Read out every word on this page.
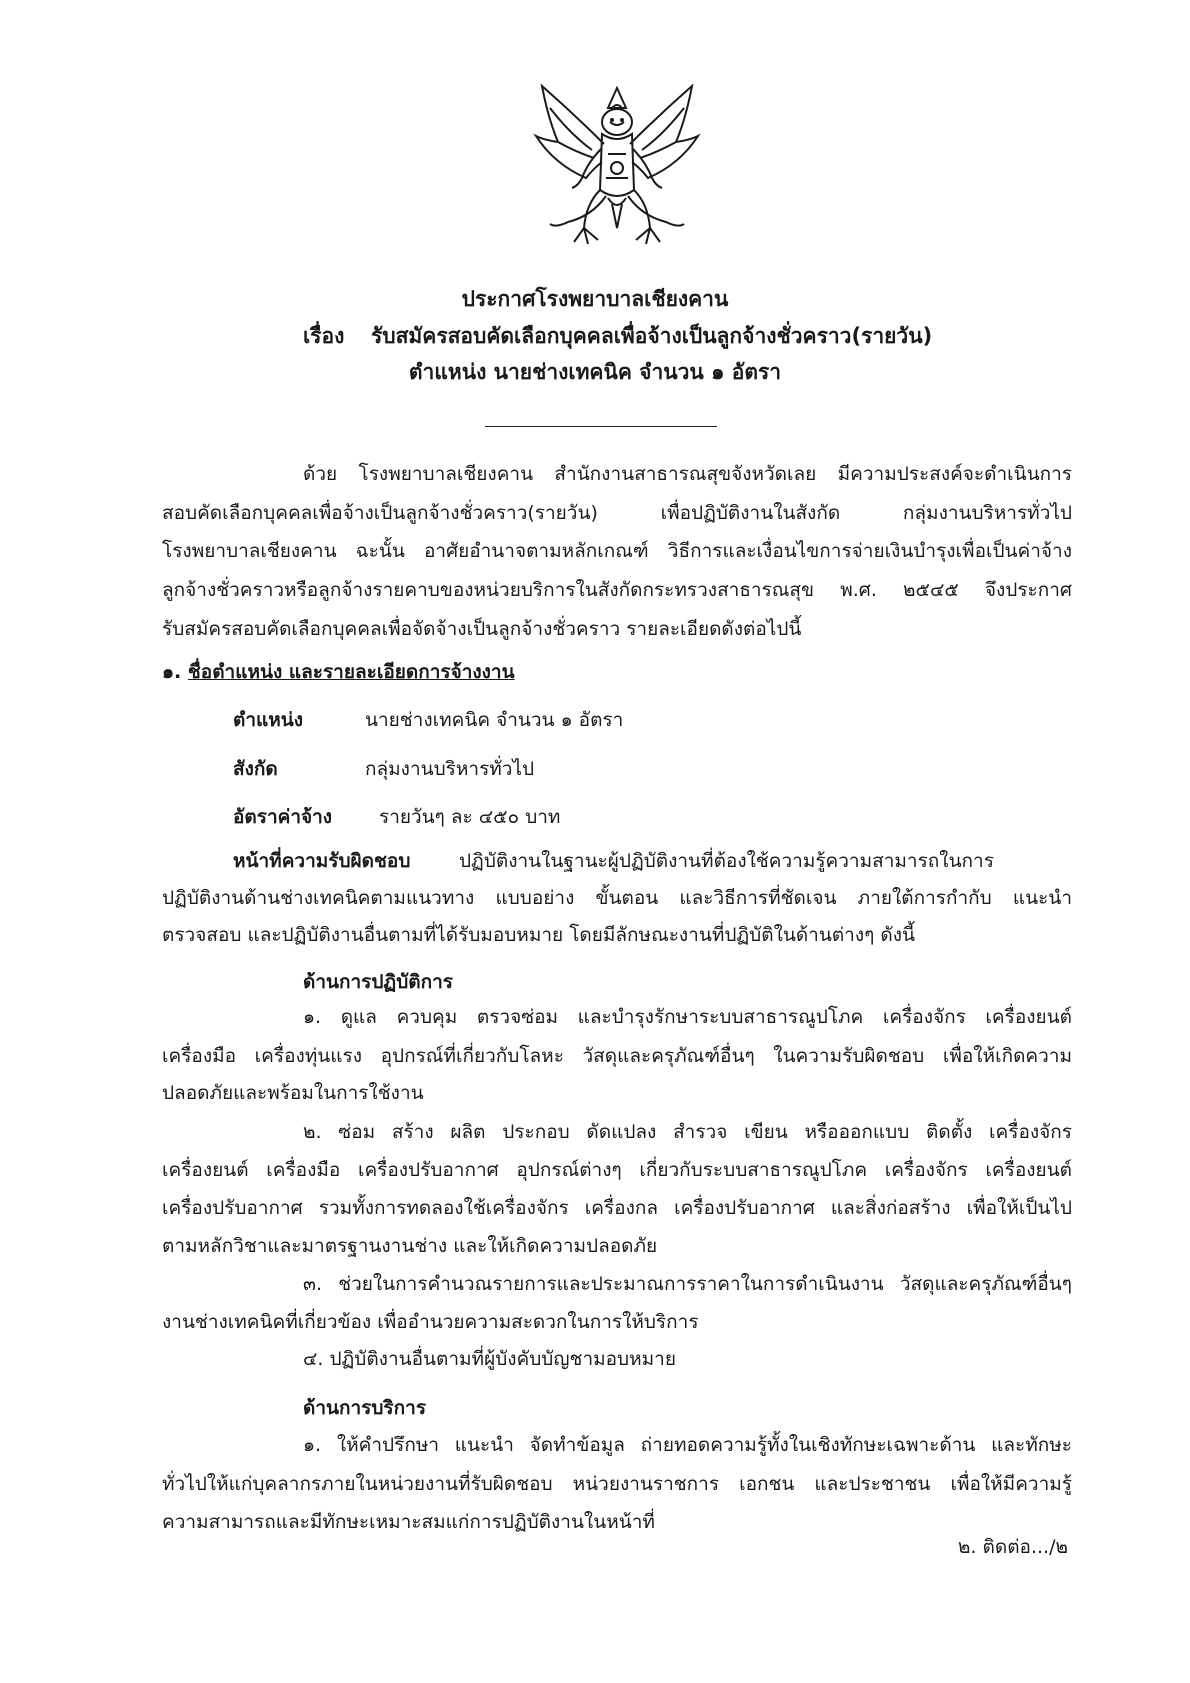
ประกาศโรงพยาบาลเชียงคาน
เรื่อง รับสมัครสอบคัดเลือกบุคคลเพื่อจ้างเป็นลูกจ้างชั่วคราว(รายวัน)
ตำแหน่ง นายช่างเทคนิค จำนวน ๑ อัตรา
ด้วย โรงพยาบาลเชียงคาน สำนักงานสาธารณสุขจังหวัดเลย มีความประสงค์จะดำเนินการ
สอบคัดเลือกบุคคลเพื่อจ้างเป็นลูกจ้างชั่วคราว(รายวัน) เพื่อปฏิบัติงานในสังกัด กลุ่มงานบริหารทั่วไป
โรงพยาบาลเชียงคาน ฉะนั้น อาศัยอำนาจตามหลักเกณฑ์ วิธีการและเงื่อนไขการจ่ายเงินบำรุงเพื่อเป็นค่าจ้าง
ลูกจ้างชั่วคราวหรือลูกจ้างรายคาบของหน่วยบริการในสังกัดกระทรวงสาธารณสุข พ.ศ. ๒๕๔๕ จึงประกาศ
รับสมัครสอบคัดเลือกบุคคลเพื่อจัดจ้างเป็นลูกจ้างชั่วคราว รายละเอียดดังต่อไปนี้
๑. ชื่อตำแหน่ง และรายละเอียดการจ้างงาน
ตำแหน่ง	นายช่างเทคนิค จำนวน ๑ อัตรา
สังกัด	กลุ่มงานบริหารทั่วไป
อัตราค่าจ้าง รายวันๆ ละ ๔๕๐ บาท
หน้าที่ความรับผิดชอบ	ปฏิบัติงานในฐานะผู้ปฏิบัติงานที่ต้องใช้ความรู้ความสามารถในการ
ปฏิบัติงานด้านช่างเทคนิคตามแนวทาง แบบอย่าง ขั้นตอน และวิธีการที่ชัดเจน ภายใต้การกำกับ แนะนำ
ตรวจสอบ และปฏิบัติงานอื่นตามที่ได้รับมอบหมาย โดยมีลักษณะงานที่ปฏิบัติในด้านต่างๆ ดังนี้
ด้านการปฏิบัติการ
๑. ดูแล ควบคุม ตรวจซ่อม และบำรุงรักษาระบบสาธารณูปโภค เครื่องจักร เครื่องยนต์
เครื่องมือ เครื่องทุ่นแรง อุปกรณ์ที่เกี่ยวกับโลหะ วัสดุและครุภัณฑ์อื่นๆ ในความรับผิดชอบ เพื่อให้เกิดความ
ปลอดภัยและพร้อมในการใช้งาน
๒. ซ่อม สร้าง ผลิต ประกอบ ดัดแปลง สำรวจ เขียน หรือออกแบบ ติดตั้ง เครื่องจักร
เครื่องยนต์ เครื่องมือ เครื่องปรับอากาศ อุปกรณ์ต่างๆ เกี่ยวกับระบบสาธารณูปโภค เครื่องจักร เครื่องยนต์
เครื่องปรับอากาศ รวมทั้งการทดลองใช้เครื่องจักร เครื่องกล เครื่องปรับอากาศ และสิ่งก่อสร้าง เพื่อให้เป็นไป
ตามหลักวิชาและมาตรฐานงานช่าง และให้เกิดความปลอดภัย
๓. ช่วยในการคำนวณรายการและประมาณการราคาในการดำเนินงาน วัสดุและครุภัณฑ์อื่นๆ
งานช่างเทคนิคที่เกี่ยวข้อง เพื่ออำนวยความสะดวกในการให้บริการ
๔. ปฏิบัติงานอื่นตามที่ผู้บังคับบัญชามอบหมาย
ด้านการบริการ
๑. ให้คำปรึกษา แนะนำ จัดทำข้อมูล ถ่ายทอดความรู้ทั้งในเชิงทักษะเฉพาะด้าน และทักษะ
ทั่วไปให้แก่บุคลากรภายในหน่วยงานที่รับผิดชอบ หน่วยงานราชการ เอกชน และประชาชน เพื่อให้มีความรู้
ความสามารถและมีทักษะเหมาะสมแก่การปฏิบัติงานในหน้าที่
๒. ติดต่อ.../๒
